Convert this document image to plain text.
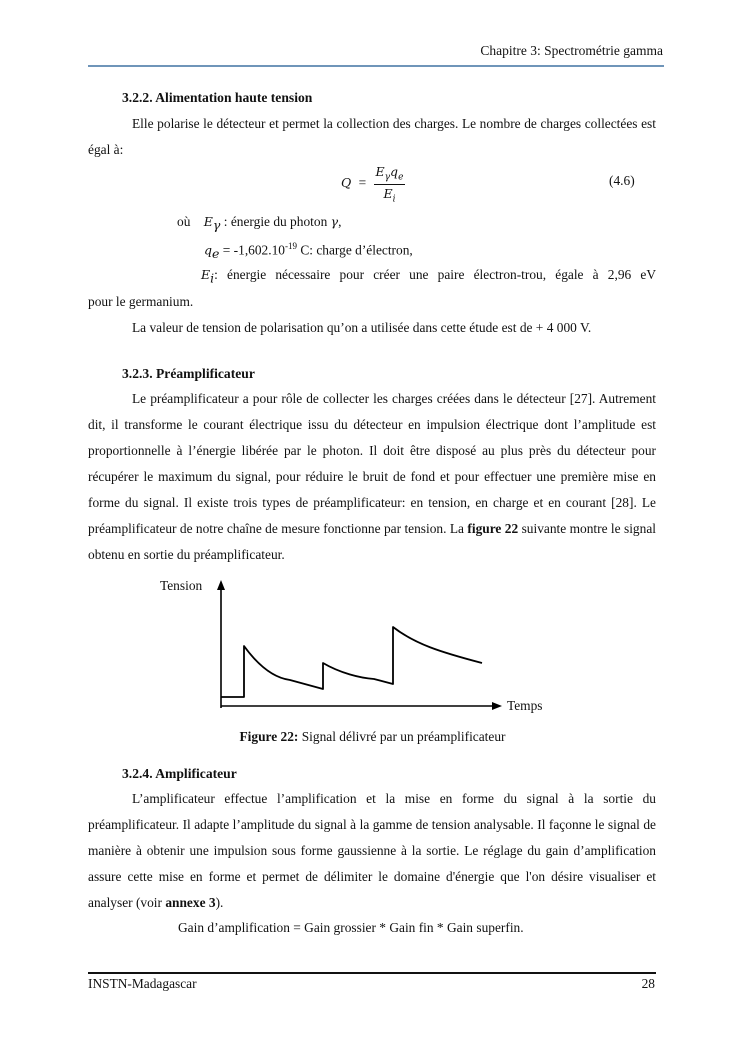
Chapitre 3: Spectrométrie gamma
3.2.2. Alimentation haute tension
Elle polarise le détecteur et permet la collection des charges. Le nombre de charges collectées est égal à:
$Q = \frac{E_\gamma q_e}{E_i}$	(4.6)
où $E_\gamma$ : énergie du photon γ,
$q_e = -1,602.10^{-19}$ C: charge d’électron,
$E_i$: énergie nécessaire pour créer une paire électron-trou, égale à 2,96 eV
pour le germanium.
La valeur de tension de polarisation qu’on a utilisée dans cette étude est de + 4 000 V.
3.2.3. Préamplificateur
Le préamplificateur a pour rôle de collecter les charges créées dans le détecteur [27]. Autrement dit, il transforme le courant électrique issu du détecteur en impulsion électrique dont l’amplitude est proportionnelle à l’énergie libérée par le photon. Il doit être disposé au plus près du détecteur pour récupérer le maximum du signal, pour réduire le bruit de fond et pour effectuer une première mise en forme du signal. Il existe trois types de préamplificateur: en tension, en charge et en courant [28]. Le préamplificateur de notre chaîne de mesure fonctionne par tension. La figure 22 suivante montre le signal obtenu en sortie du préamplificateur.
Tension
Temps
Figure 22: Signal délivré par un préamplificateur
3.2.4. Amplificateur
L’amplificateur effectue l’amplification et la mise en forme du signal à la sortie du préamplificateur. Il adapte l’amplitude du signal à la gamme de tension analysable. Il façonne le signal de manière à obtenir une impulsion sous forme gaussienne à la sortie. Le réglage du gain d’amplification assure cette mise en forme et permet de délimiter le domaine d'énergie que l'on désire visualiser et analyser (voir annexe 3).
Gain d’amplification = Gain grossier * Gain fin * Gain superfin.
INSTN-Madagascar	28
